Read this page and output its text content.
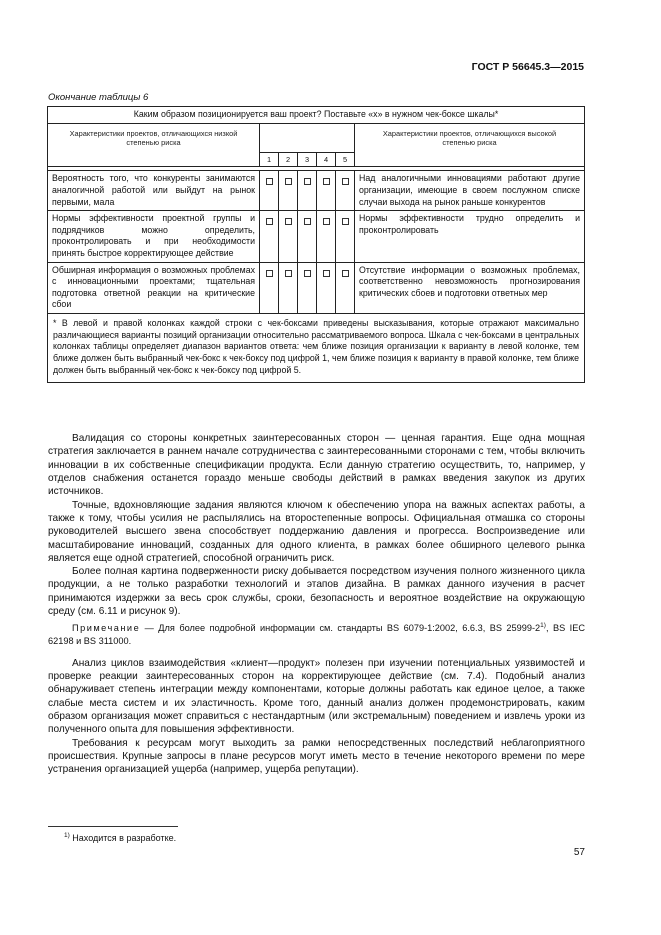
ГОСТ Р 56645.3—2015
Окончание таблицы 6
Каким образом позиционируется ваш проект? Поставьте «х» в нужном чек-боксе шкалы*						
Характеристики проектов, отличающихся низкой степенью риска						Характеристики проектов, отличающихся высокой степенью риска
	1	2	3	4	5	

Вероятность того, что конкуренты занимаются аналогичной работой или выйдут на рынок первыми, мала						Над аналогичными инновациями работают другие организации, имеющие в своем послужном списке случаи выхода на рынок раньше конкурентов
Нормы эффективности проектной группы и подрядчиков можно определить, проконтролировать и при необходимости принять быстрое корректирующее действие						Нормы эффективности трудно определить и проконтролировать
Обширная информация о возможных проблемах с инновационными проектами; тщательная подготовка ответной реакции на критические сбои						Отсутствие информации о возможных проблемах, соответственно невозможность прогнозирования критических сбоев и подготовки ответных мер
* В левой и правой колонках каждой строки с чек-боксами приведены высказывания, которые отражают максимально различающиеся варианты позиций организации относительно рассматриваемого вопроса. Шкала с чек-боксами в центральных колонках таблицы определяет диапазон вариантов ответа: чем ближе позиция организации к варианту в левой колонке, тем ближе должен быть выбранный чек-бокс к чек-боксу под цифрой 1, чем ближе позиция к варианту в правой колонке, тем ближе должен быть выбранный чек-бокс к чек-боксу под цифрой 5.						

Валидация со стороны конкретных заинтересованных сторон — ценная гарантия. Еще одна мощная стратегия заключается в раннем начале сотрудничества с заинтересованными сторонами с тем, чтобы включить инновации в их собственные спецификации продукта. Если данную стратегию осуществить, то, например, у отделов снабжения останется гораздо меньше свободы действий в рамках введения закупок из других источников.

Точные, вдохновляющие задания являются ключом к обеспечению упора на важных аспектах работы, а также к тому, чтобы усилия не распылялись на второстепенные вопросы. Официальная отмашка со стороны руководителей высшего звена способствует поддержанию давления и прогресса. Воспроизведение или масштабирование инноваций, созданных для одного клиента, в рамках более обширного целевого рынка является еще одной стратегией, способной ограничить риск.

Более полная картина подверженности риску добывается посредством изучения полного жизненного цикла продукции, а не только разработки технологий и этапов дизайна. В рамках данного изучения в расчет принимаются издержки за весь срок службы, сроки, безопасность и вероятное воздействие на окружающую среду (см. 6.11 и рисунок 9).

Примечание — Для более подробной информации см. стандарты BS 6079-1:2002, 6.6.3, BS 25999-2$^{1)}$, BS IEC 62198 и BS 311000.

Анализ циклов взаимодействия «клиент—продукт» полезен при изучении потенциальных уязвимостей и проверке реакции заинтересованных сторон на корректирующее действие (см. 7.4). Подобный анализ обнаруживает степень интеграции между компонентами, которые должны работать как единое целое, а также слабые места систем и их эластичность. Кроме того, данный анализ должен продемонстрировать, каким образом организация может справиться с нестандартным (или экстремальным) поведением и извлечь уроки из полученного опыта для повышения эффективности.

Требования к ресурсам могут выходить за рамки непосредственных последствий неблагоприятного происшествия. Крупные запросы в плане ресурсов могут иметь место в течение некоторого времени по мере устранения организацией ущерба (например, ущерба репутации).

$^{1)}$ Находится в разработке.
57
